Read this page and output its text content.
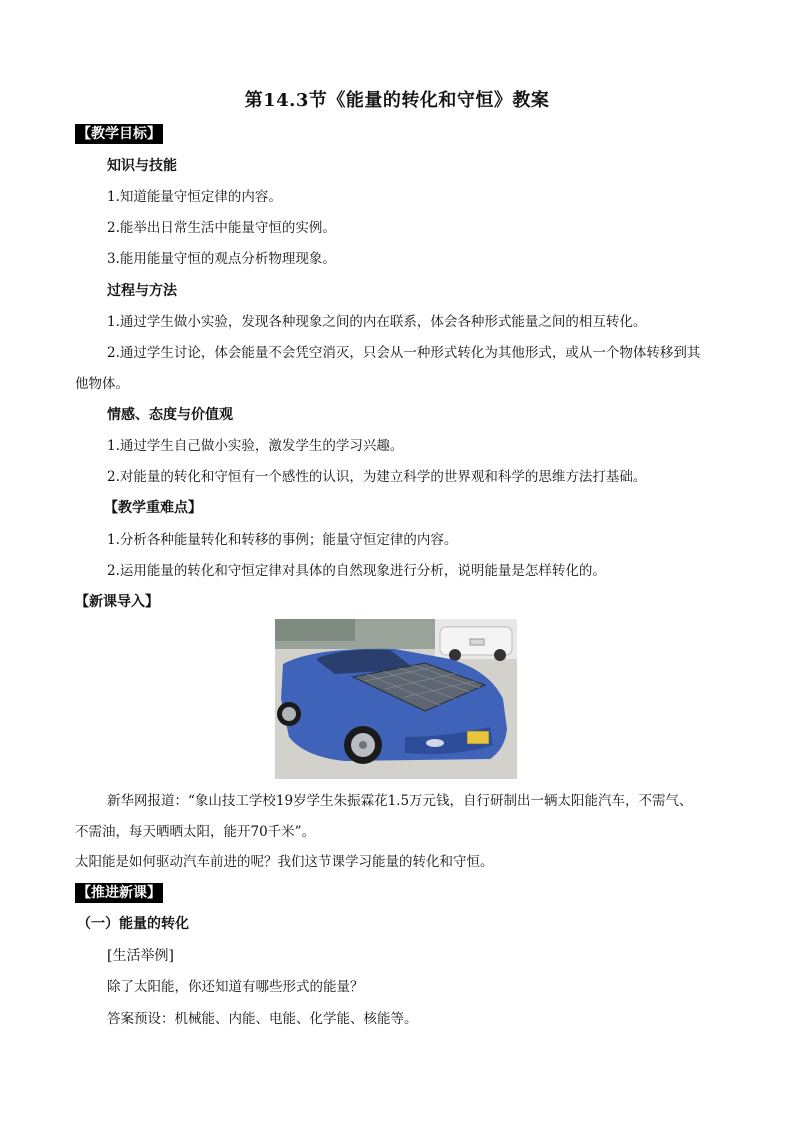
第14.3节《能量的转化和守恒》教案
【教学目标】
知识与技能
1.知道能量守恒定律的内容。
2.能举出日常生活中能量守恒的实例。
3.能用能量守恒的观点分析物理现象。
过程与方法
1.通过学生做小实验，发现各种现象之间的内在联系，体会各种形式能量之间的相互转化。
2.通过学生讨论，体会能量不会凭空消灭，只会从一种形式转化为其他形式，或从一个物体转移到其
他物体。
情感、态度与价值观
1.通过学生自己做小实验，激发学生的学习兴趣。
2.对能量的转化和守恒有一个感性的认识，为建立科学的世界观和科学的思维方法打基础。
【教学重难点】
1.分析各种能量转化和转移的事例；能量守恒定律的内容。
2.运用能量的转化和守恒定律对具体的自然现象进行分析，说明能量是怎样转化的。
【新课导入】
新华网报道：“象山技工学校19岁学生朱振霖花1.5万元钱，自行研制出一辆太阳能汽车，不需气、
不需油，每天晒晒太阳，能开70千米”。
太阳能是如何驱动汽车前进的呢？我们这节课学习能量的转化和守恒。
【推进新课】
（一）能量的转化
[生活举例]
除了太阳能，你还知道有哪些形式的能量？
答案预设：机械能、内能、电能、化学能、核能等。
